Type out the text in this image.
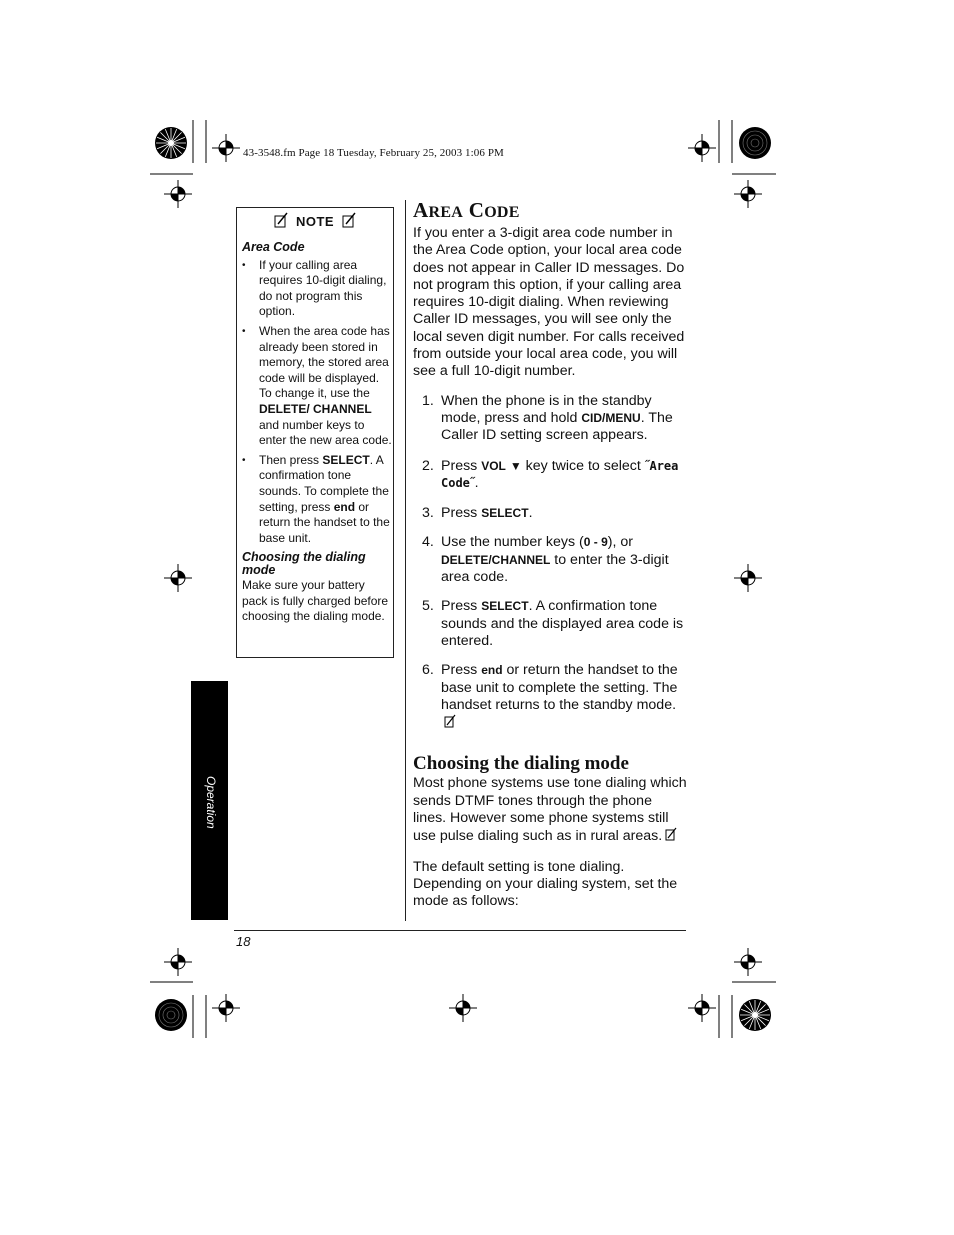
43-3548.fm Page 18 Tuesday, February 25, 2003 1:06 PM
NOTE

Area Code

• If your calling area requires 10-digit dialing, do not program this option.
• When the area code has already been stored in memory, the stored area code will be displayed. To change it, use the DELETE/ CHANNEL and number keys to enter the new area code.
• Then press SELECT. A confirmation tone sounds. To complete the setting, press end or return the handset to the base unit.

Choosing the dialing mode

Make sure your battery pack is fully charged before choosing the dialing mode.

Operation
18
AREA CODE

If you enter a 3-digit area code number in the Area Code option, your local area code does not appear in Caller ID messages. Do not program this option, if your calling area requires 10-digit dialing. When reviewing Caller ID messages, you will see only the local seven digit number. For calls received from outside your local area code, you will see a full 10-digit number.

1. When the phone is in the standby mode, press and hold CID/MENU. The Caller ID setting screen appears.
2. Press VOL ▼ key twice to select ˝Area Code˝.
3. Press SELECT.
4. Use the number keys (0 - 9), or
DELETE/CHANNEL to enter the 3-digit area code.
5. Press SELECT. A confirmation tone sounds and the displayed area code is entered.
6. Press end or return the handset to the base unit to complete the setting. The handset returns to the standby mode.
Choosing the dialing mode

Most phone systems use tone dialing which sends DTMF tones through the phone lines. However some phone systems still use pulse dialing such as in rural areas.

The default setting is tone dialing. Depending on your dialing system, set the mode as follows:
